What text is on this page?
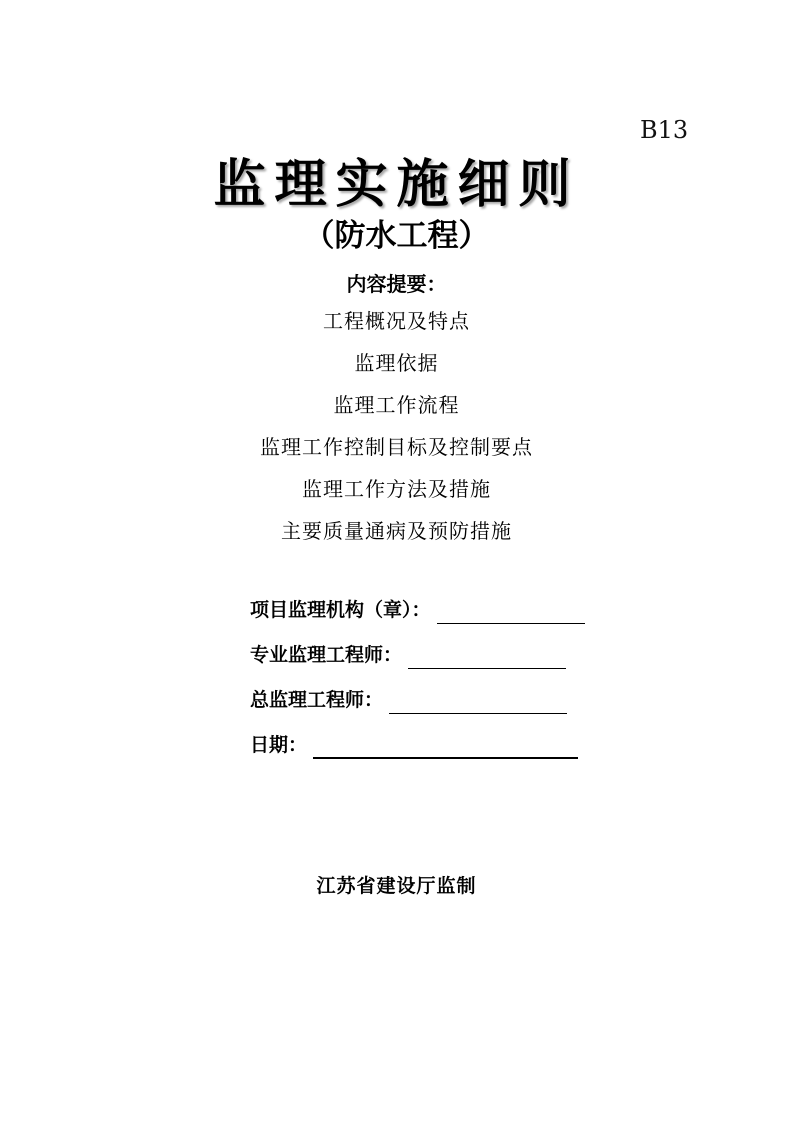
B13
监理实施细则
（防水工程）
内容提要：
工程概况及特点
监理依据
监理工作流程
监理工作控制目标及控制要点
监理工作方法及措施
主要质量通病及预防措施
项目监理机构（章）：
专业监理工程师：
总监理工程师：
日期：
江苏省建设厅监制
